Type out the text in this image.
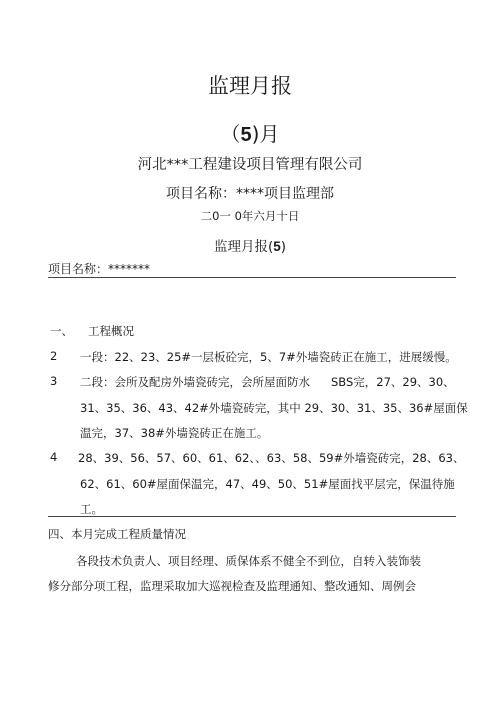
监理月报
（5)月
河北***工程建设项目管理有限公司
项目名称：****项目监理部
二0一 0年六月十日
监理月报(5)
项目名称：*******
一、 工程概况
2 一段：22、23、25#一层板砼完，5、7#外墙瓷砖正在施工，进展缓慢。
3 二段：会所及配房外墙瓷砖完，会所屋面防水 SBS完，27、29、30、
31、35、36、43、42#外墙瓷砖完，其中 29、30、31、35、36#屋面保
温完，37、38#外墙瓷砖正在施工。
4 28、39、56、57、60、61、62、、63、58、59#外墙瓷砖完，28、63、
62、61、60#屋面保温完，47、49、50、51#屋面找平层完，保温待施
工。
四、本月完成工程质量情况
各段技术负责人、项目经理、质保体系不健全不到位，自转入装饰装
修分部分项工程，监理采取加大巡视检查及监理通知、整改通知、周例会
